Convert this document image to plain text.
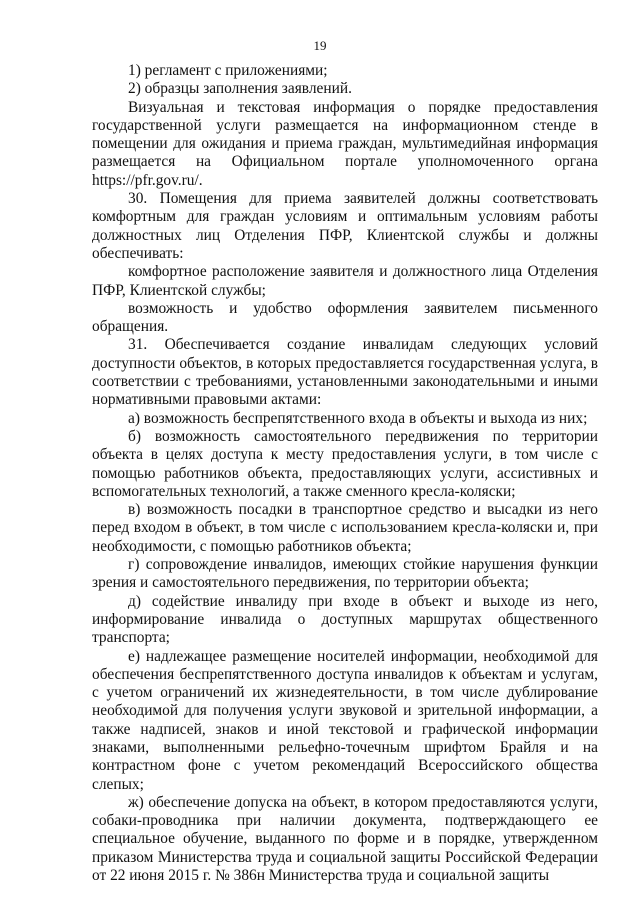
19

1) регламент с приложениями;

2) образцы заполнения заявлений.

Визуальная и текстовая информация о порядке предоставления государственной услуги размещается на информационном стенде в помещении для ожидания и приема граждан, мультимедийная информация размещается на Официальном портале уполномоченного органа https://pfr.gov.ru/.

30. Помещения для приема заявителей должны соответствовать комфортным для граждан условиям и оптимальным условиям работы должностных лиц Отделения ПФР, Клиентской службы и должны обеспечивать:

комфортное расположение заявителя и должностного лица Отделения ПФР, Клиентской службы;

возможность и удобство оформления заявителем письменного обращения.

31. Обеспечивается создание инвалидам следующих условий доступности объектов, в которых предоставляется государственная услуга, в соответствии с требованиями, установленными законодательными и иными нормативными правовыми актами:

а) возможность беспрепятственного входа в объекты и выхода из них;

б) возможность самостоятельного передвижения по территории объекта в целях доступа к месту предоставления услуги, в том числе с помощью работников объекта, предоставляющих услуги, ассистивных и вспомогательных технологий, а также сменного кресла-коляски;

в) возможность посадки в транспортное средство и высадки из него перед входом в объект, в том числе с использованием кресла-коляски и, при необходимости, с помощью работников объекта;

г) сопровождение инвалидов, имеющих стойкие нарушения функции зрения и самостоятельного передвижения, по территории объекта;

д) содействие инвалиду при входе в объект и выходе из него, информирование инвалида о доступных маршрутах общественного транспорта;

е) надлежащее размещение носителей информации, необходимой для обеспечения беспрепятственного доступа инвалидов к объектам и услугам, с учетом ограничений их жизнедеятельности, в том числе дублирование необходимой для получения услуги звуковой и зрительной информации, а также надписей, знаков и иной текстовой и графической информации знаками, выполненными рельефно-точечным шрифтом Брайля и на контрастном фоне с учетом рекомендаций Всероссийского общества слепых;

ж) обеспечение допуска на объект, в котором предоставляются услуги, собаки-проводника при наличии документа, подтверждающего ее специальное обучение, выданного по форме и в порядке, утвержденном приказом Министерства труда и социальной защиты Российской Федерации от 22 июня 2015 г. № 386н Министерства труда и социальной защиты
